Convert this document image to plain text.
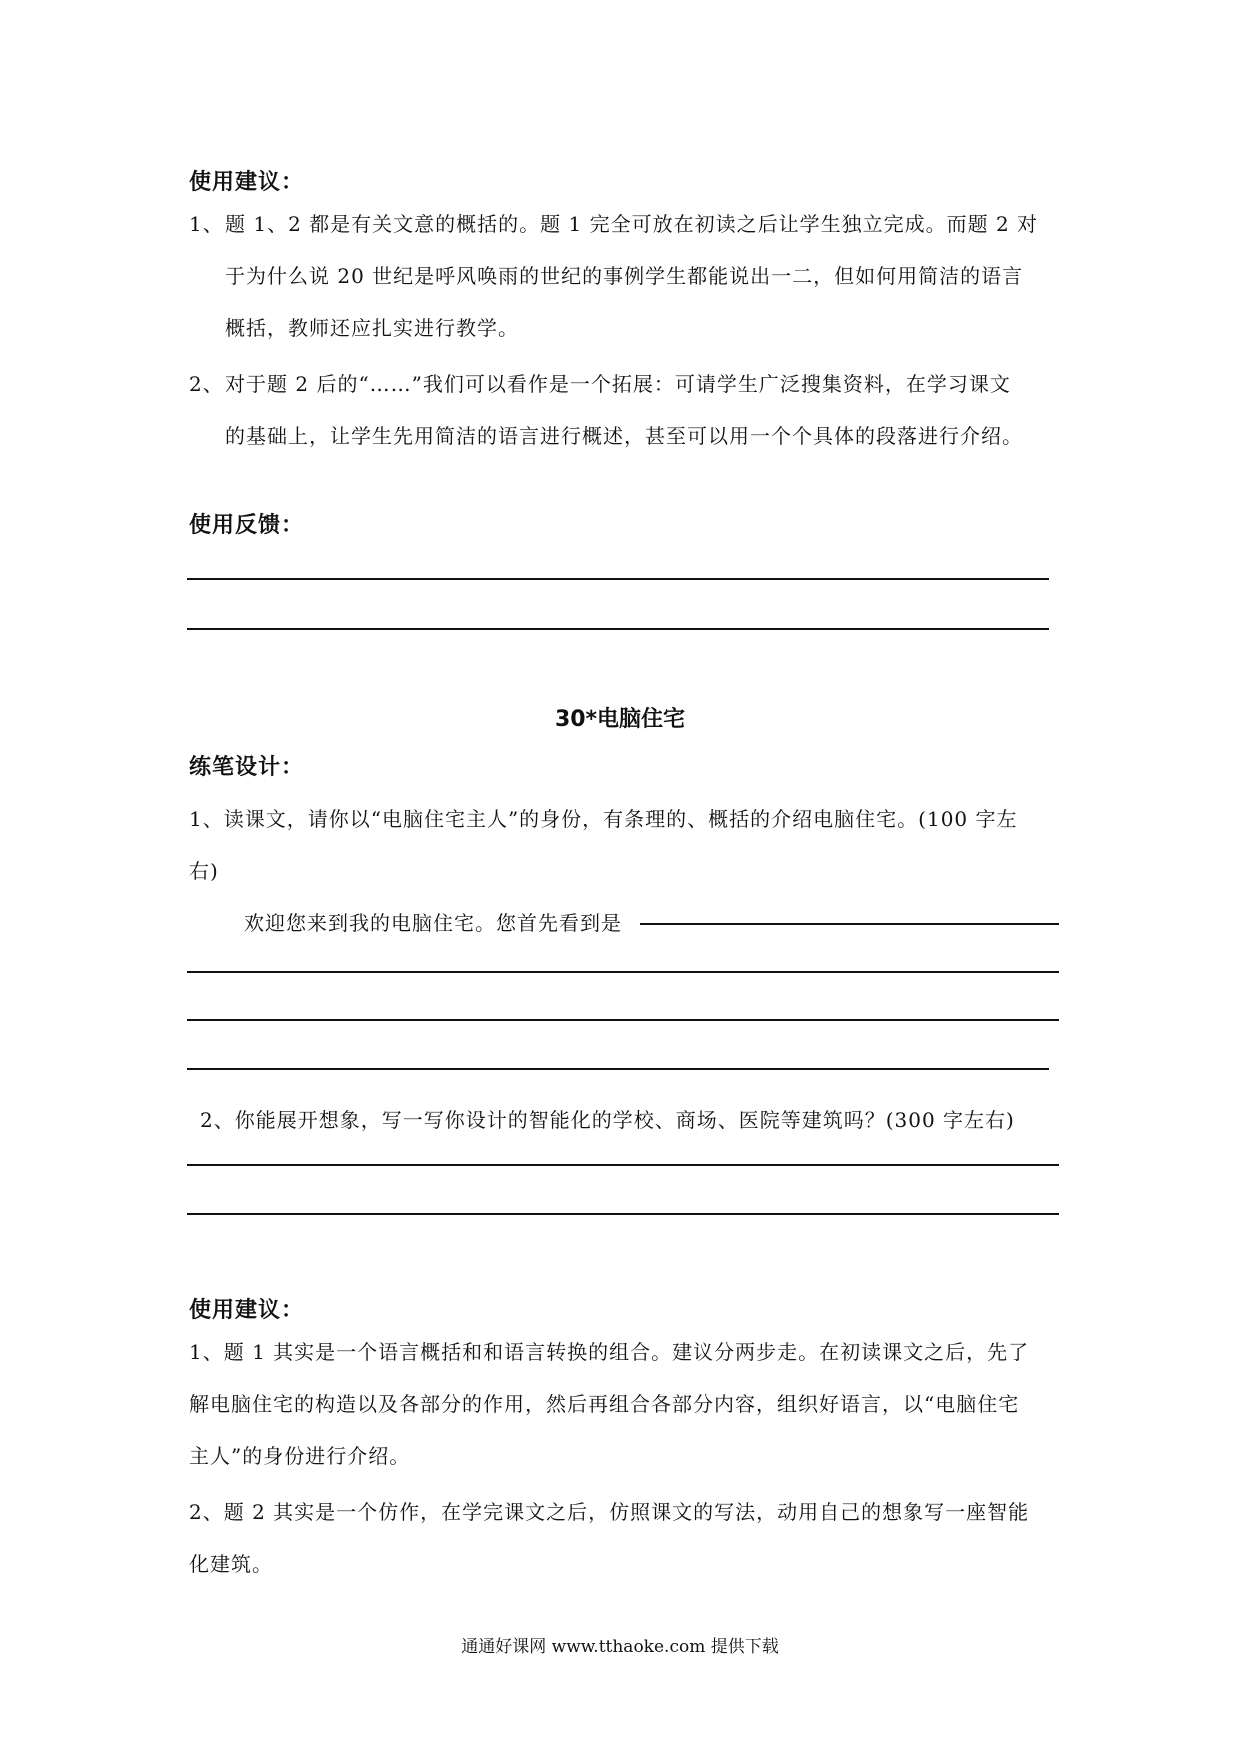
使用建议：
1、 题 1、2 都是有关文意的概括的。题 1 完全可放在初读之后让学生独立完成。而题 2 对
于为什么说 20 世纪是呼风唤雨的世纪的事例学生都能说出一二，但如何用简洁的语言
概括，教师还应扎实进行教学。
2、 对于题 2 后的“……”我们可以看作是一个拓展：可请学生广泛搜集资料，在学习课文
的基础上，让学生先用简洁的语言进行概述，甚至可以用一个个具体的段落进行介绍。
使用反馈：
30*电脑住宅
练笔设计：
1、读课文，请你以“电脑住宅主人”的身份，有条理的、概括的介绍电脑住宅。(100 字左
右)
欢迎您来到我的电脑住宅。您首先看到是
2、你能展开想象，写一写你设计的智能化的学校、商场、医院等建筑吗？(300 字左右)
使用建议：
1、题 1 其实是一个语言概括和和语言转换的组合。建议分两步走。在初读课文之后，先了
解电脑住宅的构造以及各部分的作用，然后再组合各部分内容，组织好语言，以“电脑住宅
主人”的身份进行介绍。
2、题 2 其实是一个仿作，在学完课文之后，仿照课文的写法，动用自己的想象写一座智能
化建筑。
通通好课网 www.tthaoke.com 提供下载
